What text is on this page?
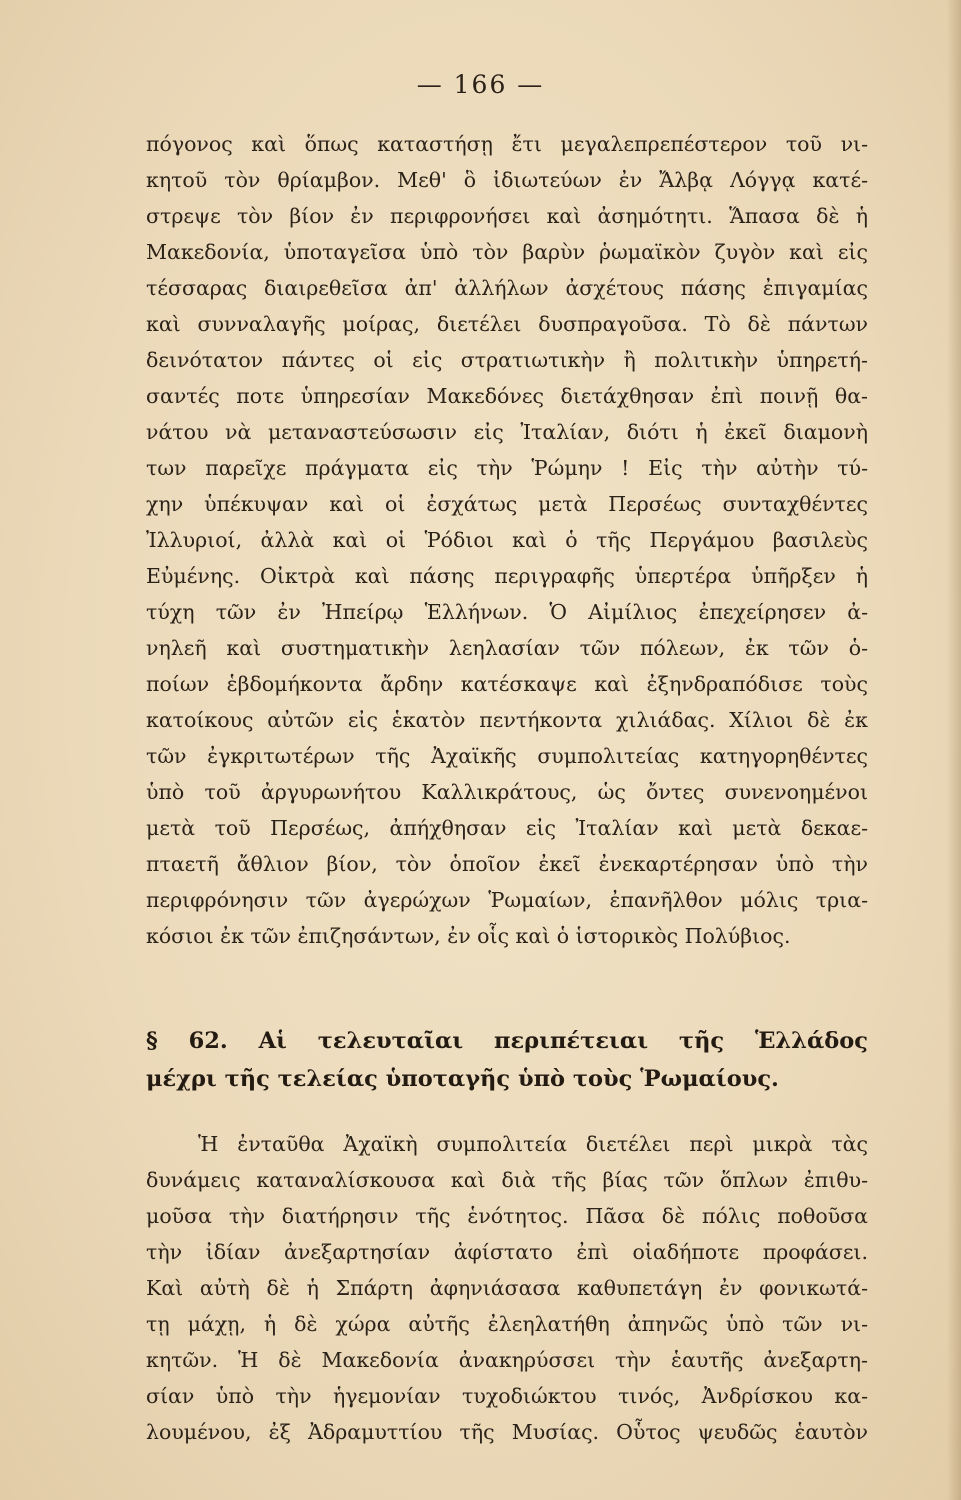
— 166 —
πόγονος καὶ ὅπως καταστήσῃ ἔτι μεγαλεπρεπέστερον τοῦ νι-
κητοῦ τὸν θρίαμβον. Μεθ' ὃ ἰδιωτεύων ἐν Ἄλβᾳ Λόγγᾳ κατέ-
στρεψε τὸν βίον ἐν περιφρονήσει καὶ ἀσημότητι. Ἅπασα δὲ ἡ
Μακεδονία, ὑποταγεῖσα ὑπὸ τὸν βαρὺν ῥωμαϊκὸν ζυγὸν καὶ εἰς
τέσσαρας διαιρεθεῖσα ἀπ' ἀλλήλων ἀσχέτους πάσης ἐπιγαμίας
καὶ συνναλαγῆς μοίρας, διετέλει δυσπραγοῦσα. Τὸ δὲ πάντων
δεινότατον πάντες οἱ εἰς στρατιωτικὴν ἢ πολιτικὴν ὑπηρετή-
σαντές ποτε ὑπηρεσίαν Μακεδόνες διετάχθησαν ἐπὶ ποινῇ θα-
νάτου νὰ μεταναστεύσωσιν εἰς Ἰταλίαν, διότι ἡ ἐκεῖ διαμονὴ
των παρεῖχε πράγματα εἰς τὴν Ῥώμην ! Εἰς τὴν αὐτὴν τύ-
χην ὑπέκυψαν καὶ οἱ ἐσχάτως μετὰ Περσέως συνταχθέντες
Ἰλλυριοί, ἀλλὰ καὶ οἱ Ῥόδιοι καὶ ὁ τῆς Περγάμου βασιλεὺς
Εὐμένης. Οἰκτρὰ καὶ πάσης περιγραφῆς ὑπερτέρα ὑπῆρξεν ἡ
τύχη τῶν ἐν Ἠπείρῳ Ἑλλήνων. Ὁ Αἰμίλιος ἐπεχείρησεν ἀ-
νηλεῆ καὶ συστηματικὴν λεηλασίαν τῶν πόλεων, ἐκ τῶν ὁ-
ποίων ἑβδομήκοντα ἄρδην κατέσκαψε καὶ ἐξηνδραπόδισε τοὺς
κατοίκους αὐτῶν εἰς ἑκατὸν πεντήκοντα χιλιάδας. Χίλιοι δὲ ἐκ
τῶν ἐγκριτωτέρων τῆς Ἀχαϊκῆς συμπολιτείας κατηγορηθέντες
ὑπὸ τοῦ ἀργυρωνήτου Καλλικράτους, ὡς ὄντες συνενοημένοι
μετὰ τοῦ Περσέως, ἀπήχθησαν εἰς Ἰταλίαν καὶ μετὰ δεκαε-
πταετῆ ἄθλιον βίον, τὸν ὁποῖον ἐκεῖ ἐνεκαρτέρησαν ὑπὸ τὴν
περιφρόνησιν τῶν ἀγερώχων Ῥωμαίων, ἐπανῆλθον μόλις τρια-
κόσιοι ἐκ τῶν ἐπιζησάντων, ἐν οἷς καὶ ὁ ἱστορικὸς Πολύβιος.
§ 62. Αἱ τελευταῖαι περιπέτειαι τῆς Ἑλλάδος
μέχρι τῆς τελείας ὑποταγῆς ὑπὸ τοὺς Ῥωμαίους.
Ἡ ἐνταῦθα Ἀχαϊκὴ συμπολιτεία διετέλει περὶ μικρὰ τὰς
δυνάμεις καταναλίσκουσα καὶ διὰ τῆς βίας τῶν ὅπλων ἐπιθυ-
μοῦσα τὴν διατήρησιν τῆς ἑνότητος. Πᾶσα δὲ πόλις ποθοῦσα
τὴν ἰδίαν ἀνεξαρτησίαν ἀφίστατο ἐπὶ οἱαδήποτε προφάσει.
Καὶ αὐτὴ δὲ ἡ Σπάρτη ἀφηνιάσασα καθυπετάγη ἐν φονικωτά-
τῃ μάχῃ, ἡ δὲ χώρα αὐτῆς ἐλεηλατήθη ἀπηνῶς ὑπὸ τῶν νι-
κητῶν. Ἡ δὲ Μακεδονία ἀνακηρύσσει τὴν ἑαυτῆς ἀνεξαρτη-
σίαν ὑπὸ τὴν ἡγεμονίαν τυχοδιώκτου τινός, Ἀνδρίσκου κα-
λουμένου, ἐξ Ἀδραμυττίου τῆς Μυσίας. Οὗτος ψευδῶς ἑαυτὸν
